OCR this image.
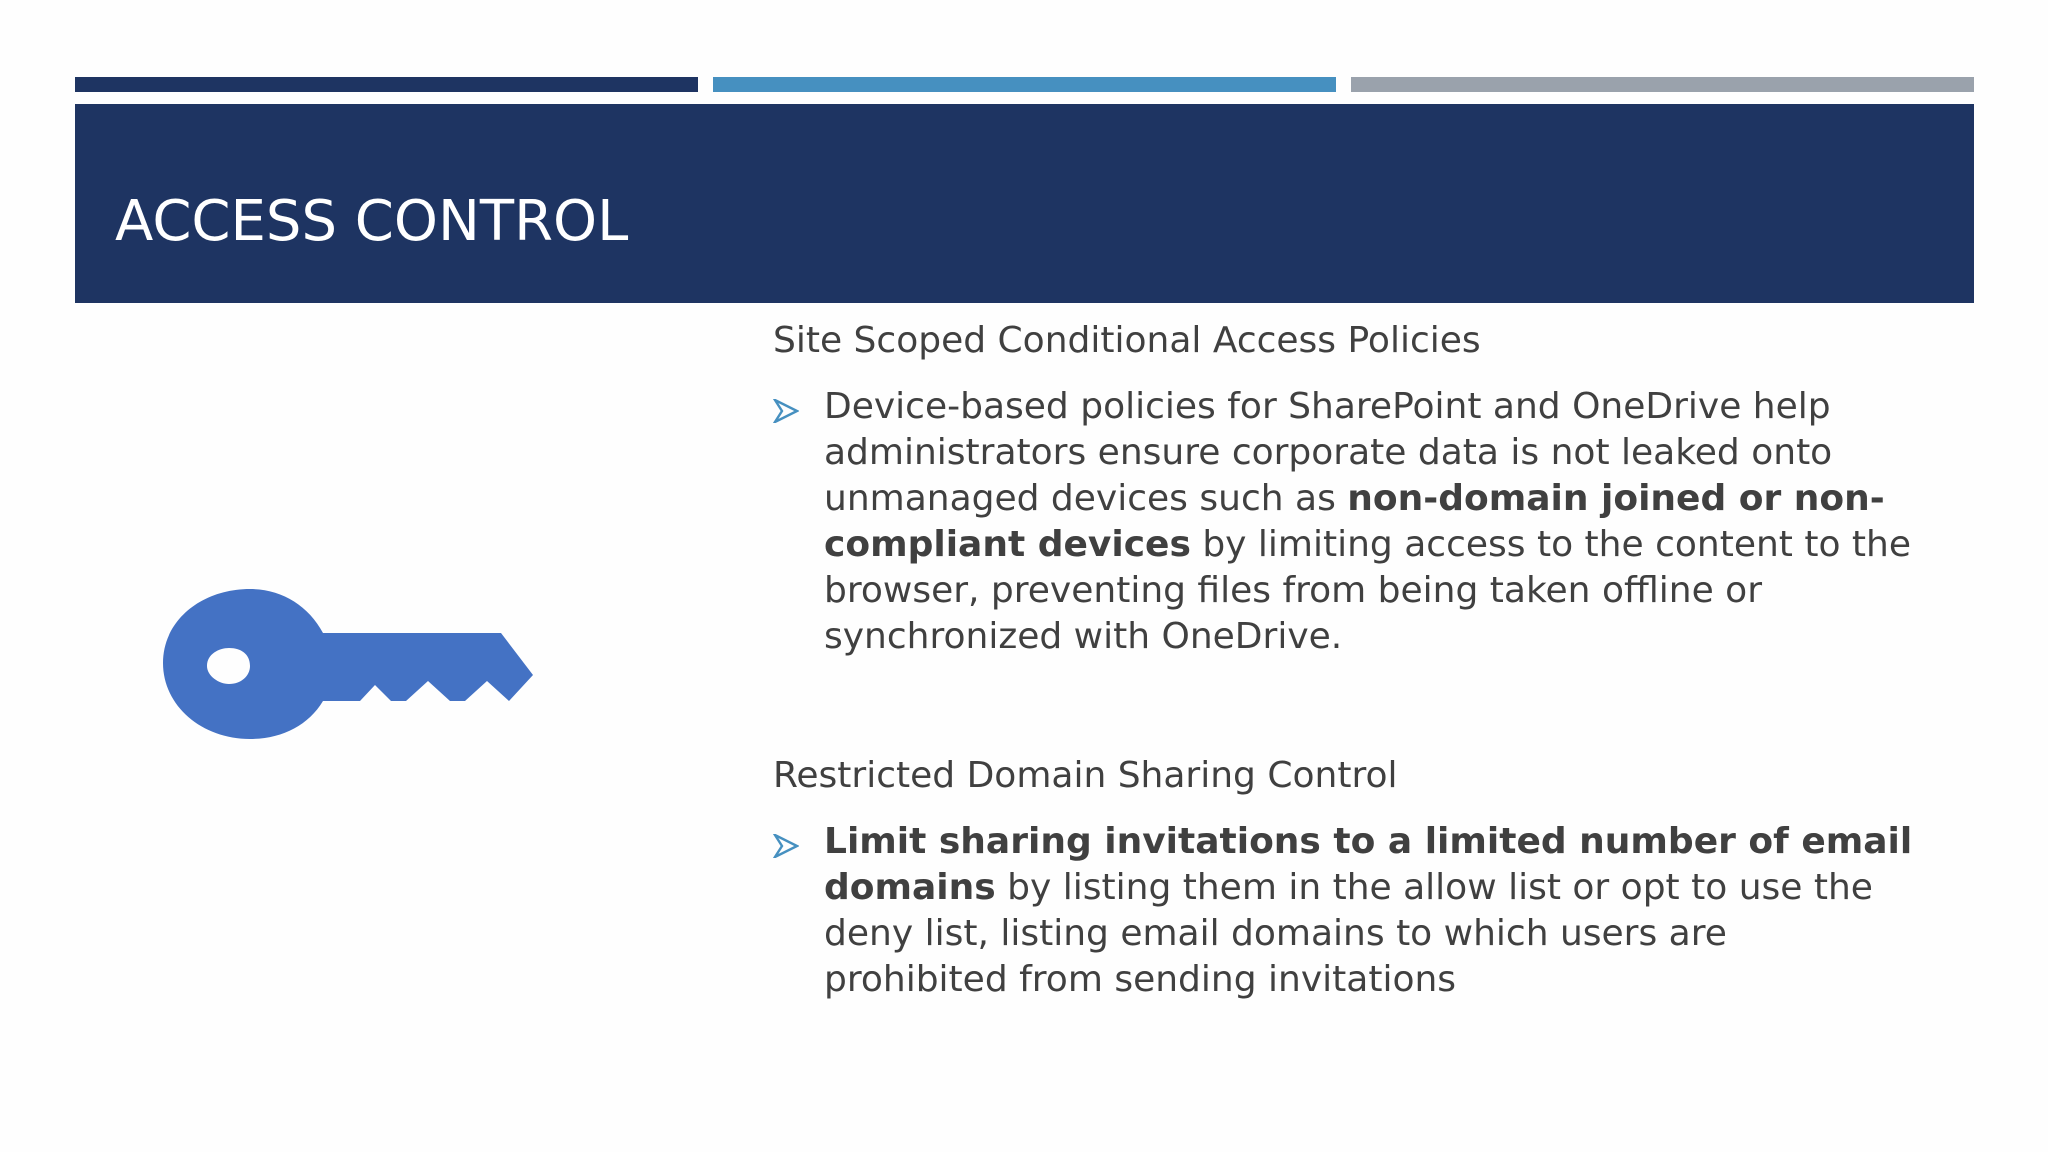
ACCESS CONTROL
Site Scoped Conditional Access Policies
Device-based policies for SharePoint and OneDrive help administrators ensure corporate data is not leaked onto unmanaged devices such as non-domain joined or non-compliant devices by limiting access to the content to the browser, preventing files from being taken offline or synchronized with OneDrive.
Restricted Domain Sharing Control
Limit sharing invitations to a limited number of email domains by listing them in the allow list or opt to use the deny list, listing email domains to which users are prohibited from sending invitations
